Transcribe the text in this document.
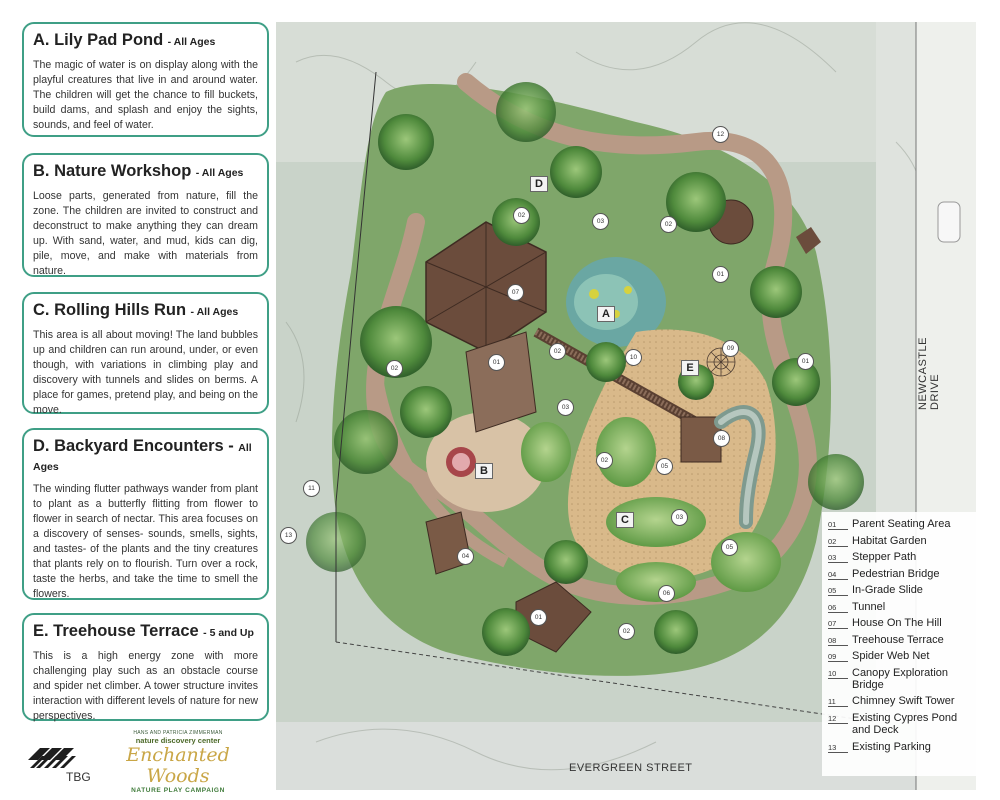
A. Lily Pad Pond - All Ages

The magic of water is on display along with the playful creatures that live in and around water. The children will get the chance to fill buckets, build dams, and splash and enjoy the sights, sounds, and feel of water.

B. Nature Workshop - All Ages

Loose parts, generated from nature, fill the zone. The children are invited to construct and deconstruct to make anything they can dream up. With sand, water, and mud, kids can dig, pile, move, and make with materials from nature.

C. Rolling Hills Run - All Ages

This area is all about moving! The land bubbles up and children can run around, under, or even though, with variations in climbing play and discovery with tunnels and slides on berms. A place for games, pretend play, and being on the move.

D. Backyard Encounters - All Ages

The winding flutter pathways wander from plant to plant as a butterfly flitting from flower to flower in search of nectar. This area focuses on a discovery of senses- sounds, smells, sights, and tastes- of the plants and the tiny creatures that plants rely on to flourish. Turn over a rock, taste the herbs, and take the time to smell the flowers.

E. Treehouse Terrace - 5 and Up

This is a high energy zone with more challenging play such as an obstacle course and spider net climber. A tower structure invites interaction with different levels of nature for new perspectives.

TBG
HANS AND PATRICIA ZIMMERMAN
nature discovery center
Enchanted Woods
NATURE PLAY CAMPAIGN
A
B
C
D
E
01
01
01
01
02
02
02
02
02
02
03
03
03
04
05
05
06
07
08
09
10
11
12
13
EVERGREEN STREET
NEWCASTLE DRIVE
01	Parent Seating Area
02	Habitat Garden
03	Stepper Path
04	Pedestrian Bridge
05	In-Grade Slide
06	Tunnel
07	House On The Hill
08	Treehouse Terrace
09	Spider Web Net
10	Canopy Exploration Bridge
11	Chimney Swift Tower
12	Existing Cypres Pond and Deck
13	Existing Parking
